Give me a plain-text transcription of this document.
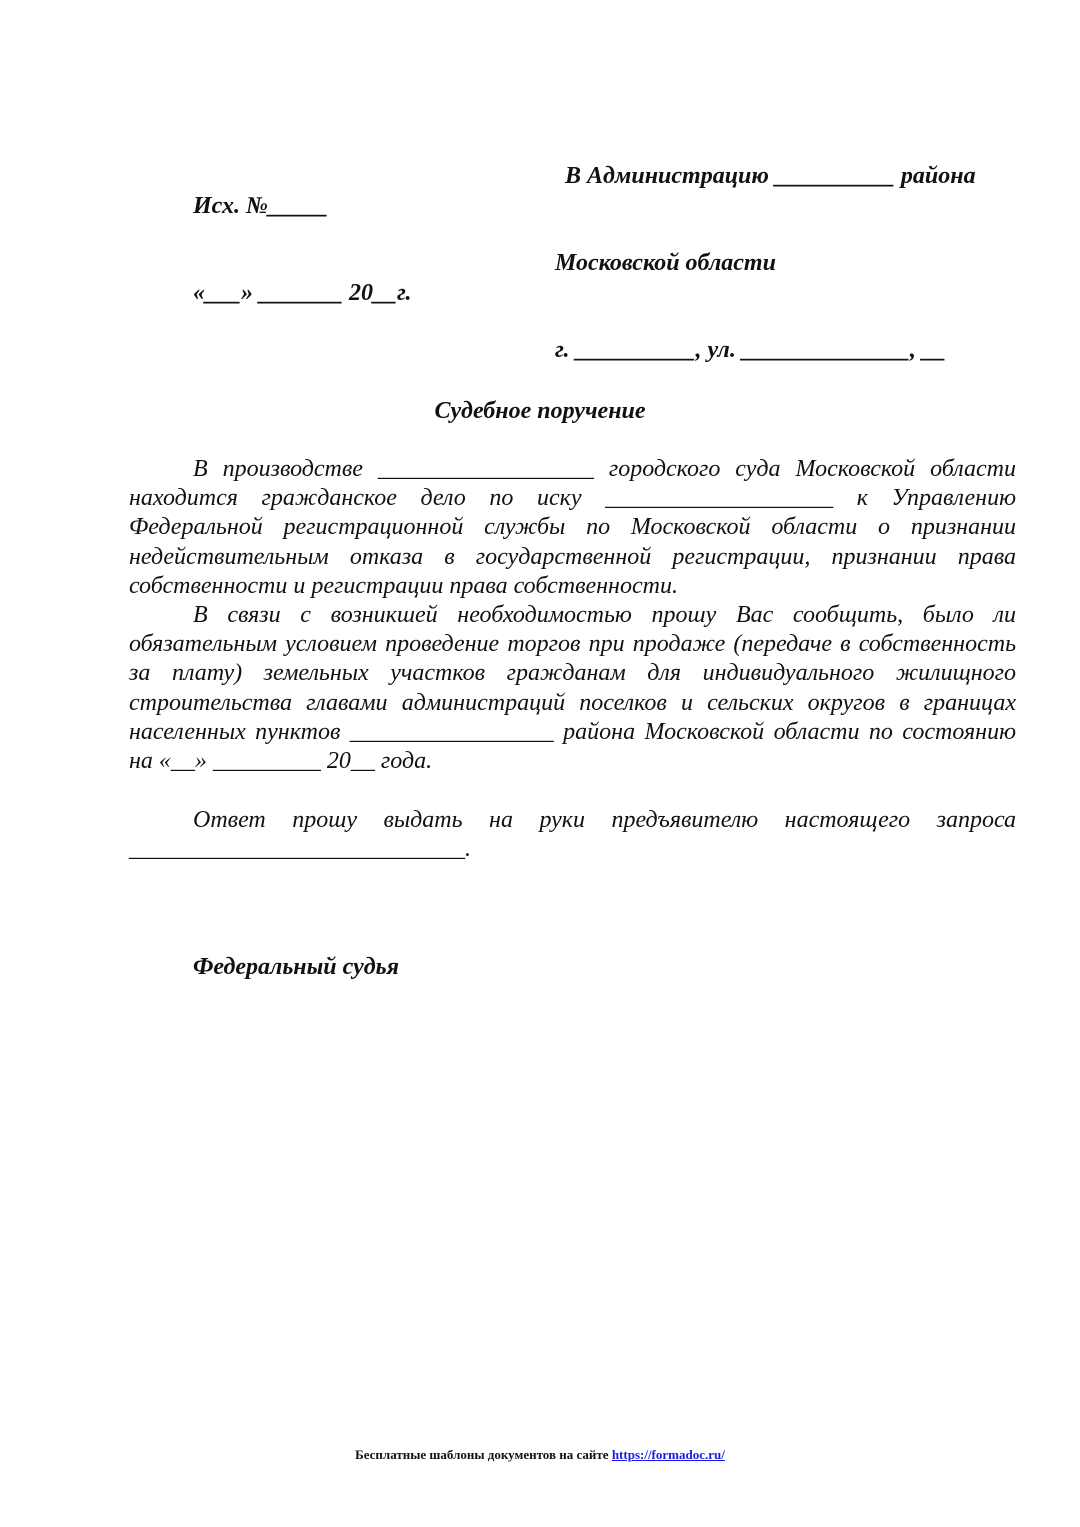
Исх. №_____

«___» _______ 20__г.

В Администрацию __________ района

Московской области

г. __________, ул. ______________, __

Судебное поручение

В производстве __________________ городского суда Московской области находится гражданское дело по иску ___________________ к Управлению Федеральной регистрационной службы по Московской области о признании недействительным отказа в государственной регистрации, признании права собственности и регистрации права собственности.

В связи с возникшей необходимостью прошу Вас сообщить, было ли обязательным условием проведение торгов при продаже (передаче в собственность за плату) земельных участков гражданам для индивидуального жилищного строительства главами администраций поселков и сельских округов в границах населенных пунктов _________________ района Московской области по состоянию на «__» _________ 20__ года.

Ответ прошу выдать на руки предъявителю настоящего запроса ____________________________.

Федеральный судья
Бесплатные шаблоны документов на сайте https://formadoc.ru/
